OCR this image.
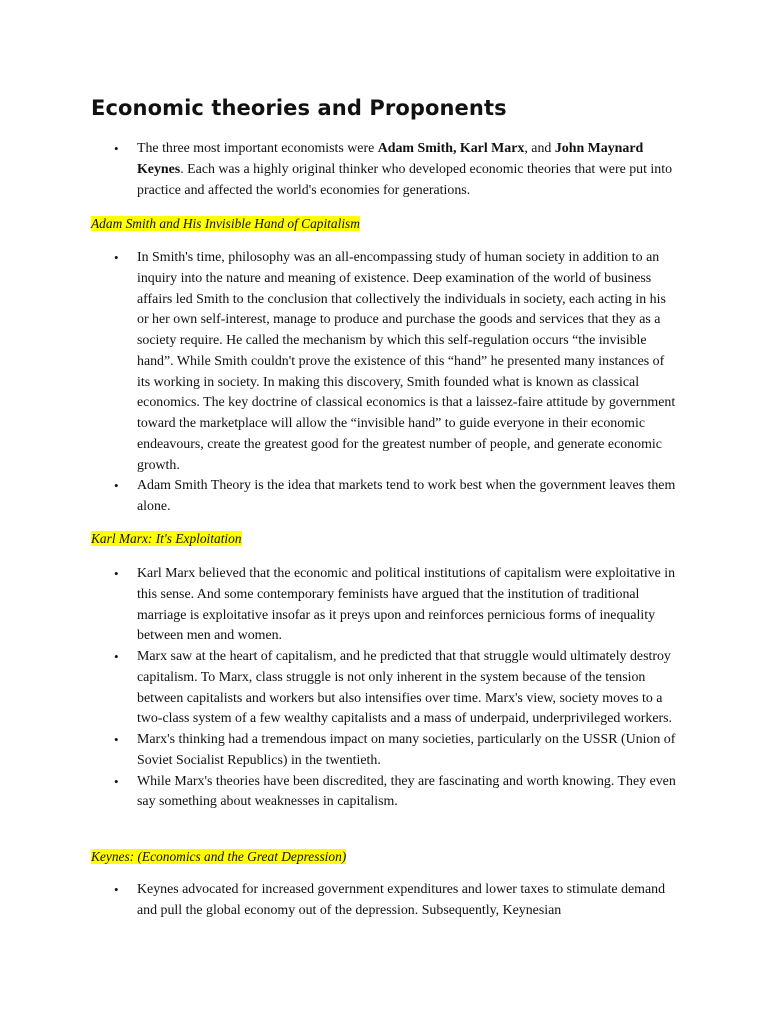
Economic theories and Proponents
• The three most important economists were Adam Smith, Karl Marx, and John Maynard Keynes. Each was a highly original thinker who developed economic theories that were put into practice and affected the world's economies for generations.

Adam Smith and His Invisible Hand of Capitalism

• In Smith's time, philosophy was an all-encompassing study of human society in addition to an inquiry into the nature and meaning of existence. Deep examination of the world of business affairs led Smith to the conclusion that collectively the individuals in society, each acting in his or her own self-interest, manage to produce and purchase the goods and services that they as a society require. He called the mechanism by which this self-regulation occurs “the invisible hand”. While Smith couldn't prove the existence of this “hand” he presented many instances of its working in society. In making this discovery, Smith founded what is known as classical economics. The key doctrine of classical economics is that a laissez-faire attitude by government toward the marketplace will allow the “invisible hand” to guide everyone in their economic endeavours, create the greatest good for the greatest number of people, and generate economic growth.
• Adam Smith Theory is the idea that markets tend to work best when the government leaves them alone.

Karl Marx: It's Exploitation

• Karl Marx believed that the economic and political institutions of capitalism were exploitative in this sense. And some contemporary feminists have argued that the institution of traditional marriage is exploitative insofar as it preys upon and reinforces pernicious forms of inequality between men and women.
• Marx saw at the heart of capitalism, and he predicted that that struggle would ultimately destroy capitalism. To Marx, class struggle is not only inherent in the system because of the tension between capitalists and workers but also intensifies over time. Marx's view, society moves to a two-class system of a few wealthy capitalists and a mass of underpaid, underprivileged workers.
• Marx's thinking had a tremendous impact on many societies, particularly on the USSR (Union of Soviet Socialist Republics) in the twentieth.
• While Marx's theories have been discredited, they are fascinating and worth knowing. They even say something about weaknesses in capitalism.

Keynes: (Economics and the Great Depression)

• Keynes advocated for increased government expenditures and lower taxes to stimulate demand and pull the global economy out of the depression. Subsequently, Keynesian
